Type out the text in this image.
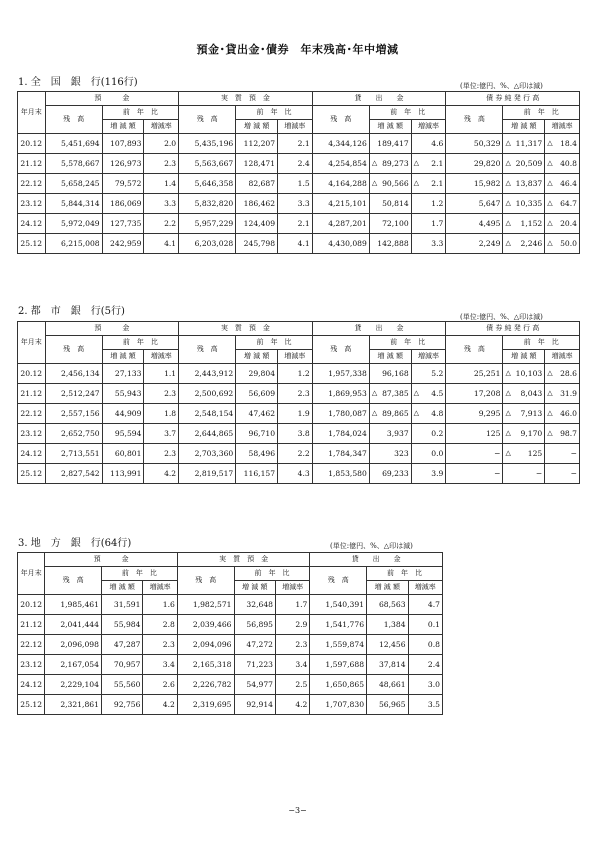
預金･貸出金･債券　年末残高･年中増減
1. 全　国　銀　行(116行)	(単位:億円、%、△印は減)
年月末	預　　　金			実　質　預　金			貸　　出　　金			債 券 純 発 行 高		
	残　高	前　年　比		残　高	前　年　比		残　高	前　年　比		残　高	前　年　比	
		増 減 額	増減率		増 減 額	増減率		増 減 額	増減率		増 減 額	増減率
20.12	5,451,694	107,893	2.0	5,435,196	112,207	2.1	4,344,126	189,417	4.6	50,329	△ 11,317	△ 18.4
21.12	5,578,667	126,973	2.3	5,563,667	128,471	2.4	4,254,854	△ 89,273	△ 2.1	29,820	△ 20,509	△ 40.8
22.12	5,658,245	79,572	1.4	5,646,358	82,687	1.5	4,164,288	△ 90,566	△ 2.1	15,982	△ 13,837	△ 46.4
23.12	5,844,314	186,069	3.3	5,832,820	186,462	3.3	4,215,101	50,814	1.2	5,647	△ 10,335	△ 64.7
24.12	5,972,049	127,735	2.2	5,957,229	124,409	2.1	4,287,201	72,100	1.7	4,495	△ 1,152	△ 20.4
25.12	6,215,008	242,959	4.1	6,203,028	245,798	4.1	4,430,089	142,888	3.3	2,249	△ 2,246	△ 50.0
2. 都　市　銀　行(5行)	(単位:億円、%、△印は減)
年月末	預　　　金			実　質　預　金			貸　　出　　金			債 券 純 発 行 高		
	残　高	前　年　比		残　高	前　年　比		残　高	前　年　比		残　高	前　年　比	
		増 減 額	増減率		増 減 額	増減率		増 減 額	増減率		増 減 額	増減率
20.12	2,456,134	27,133	1.1	2,443,912	29,804	1.2	1,957,338	96,168	5.2	25,251	△ 10,103	△ 28.6
21.12	2,512,247	55,943	2.3	2,500,692	56,609	2.3	1,869,953	△ 87,385	△ 4.5	17,208	△ 8,043	△ 31.9
22.12	2,557,156	44,909	1.8	2,548,154	47,462	1.9	1,780,087	△ 89,865	△ 4.8	9,295	△ 7,913	△ 46.0
23.12	2,652,750	95,594	3.7	2,644,865	96,710	3.8	1,784,024	3,937	0.2	125	△ 9,170	△ 98.7
24.12	2,713,551	60,801	2.3	2,703,360	58,496	2.2	1,784,347	323	0.0	−	△ 125	−
25.12	2,827,542	113,991	4.2	2,819,517	116,157	4.3	1,853,580	69,233	3.9	−	−	−
3. 地　方　銀　行(64行)	(単位:億円、%、△印は減)
年月末	預　　　金			実　質　預　金			貸　　出　　金		
	残　高	前　年　比		残　高	前　年　比		残　高	前　年　比	
		増 減 額	増減率		増 減 額	増減率		増 減 額	増減率
20.12	1,985,461	31,591	1.6	1,982,571	32,648	1.7	1,540,391	68,563	4.7
21.12	2,041,444	55,984	2.8	2,039,466	56,895	2.9	1,541,776	1,384	0.1
22.12	2,096,098	47,287	2.3	2,094,096	47,272	2.3	1,559,874	12,456	0.8
23.12	2,167,054	70,957	3.4	2,165,318	71,223	3.4	1,597,688	37,814	2.4
24.12	2,229,104	55,560	2.6	2,226,782	54,977	2.5	1,650,865	48,661	3.0
25.12	2,321,861	92,756	4.2	2,319,695	92,914	4.2	1,707,830	56,965	3.5
−3−
